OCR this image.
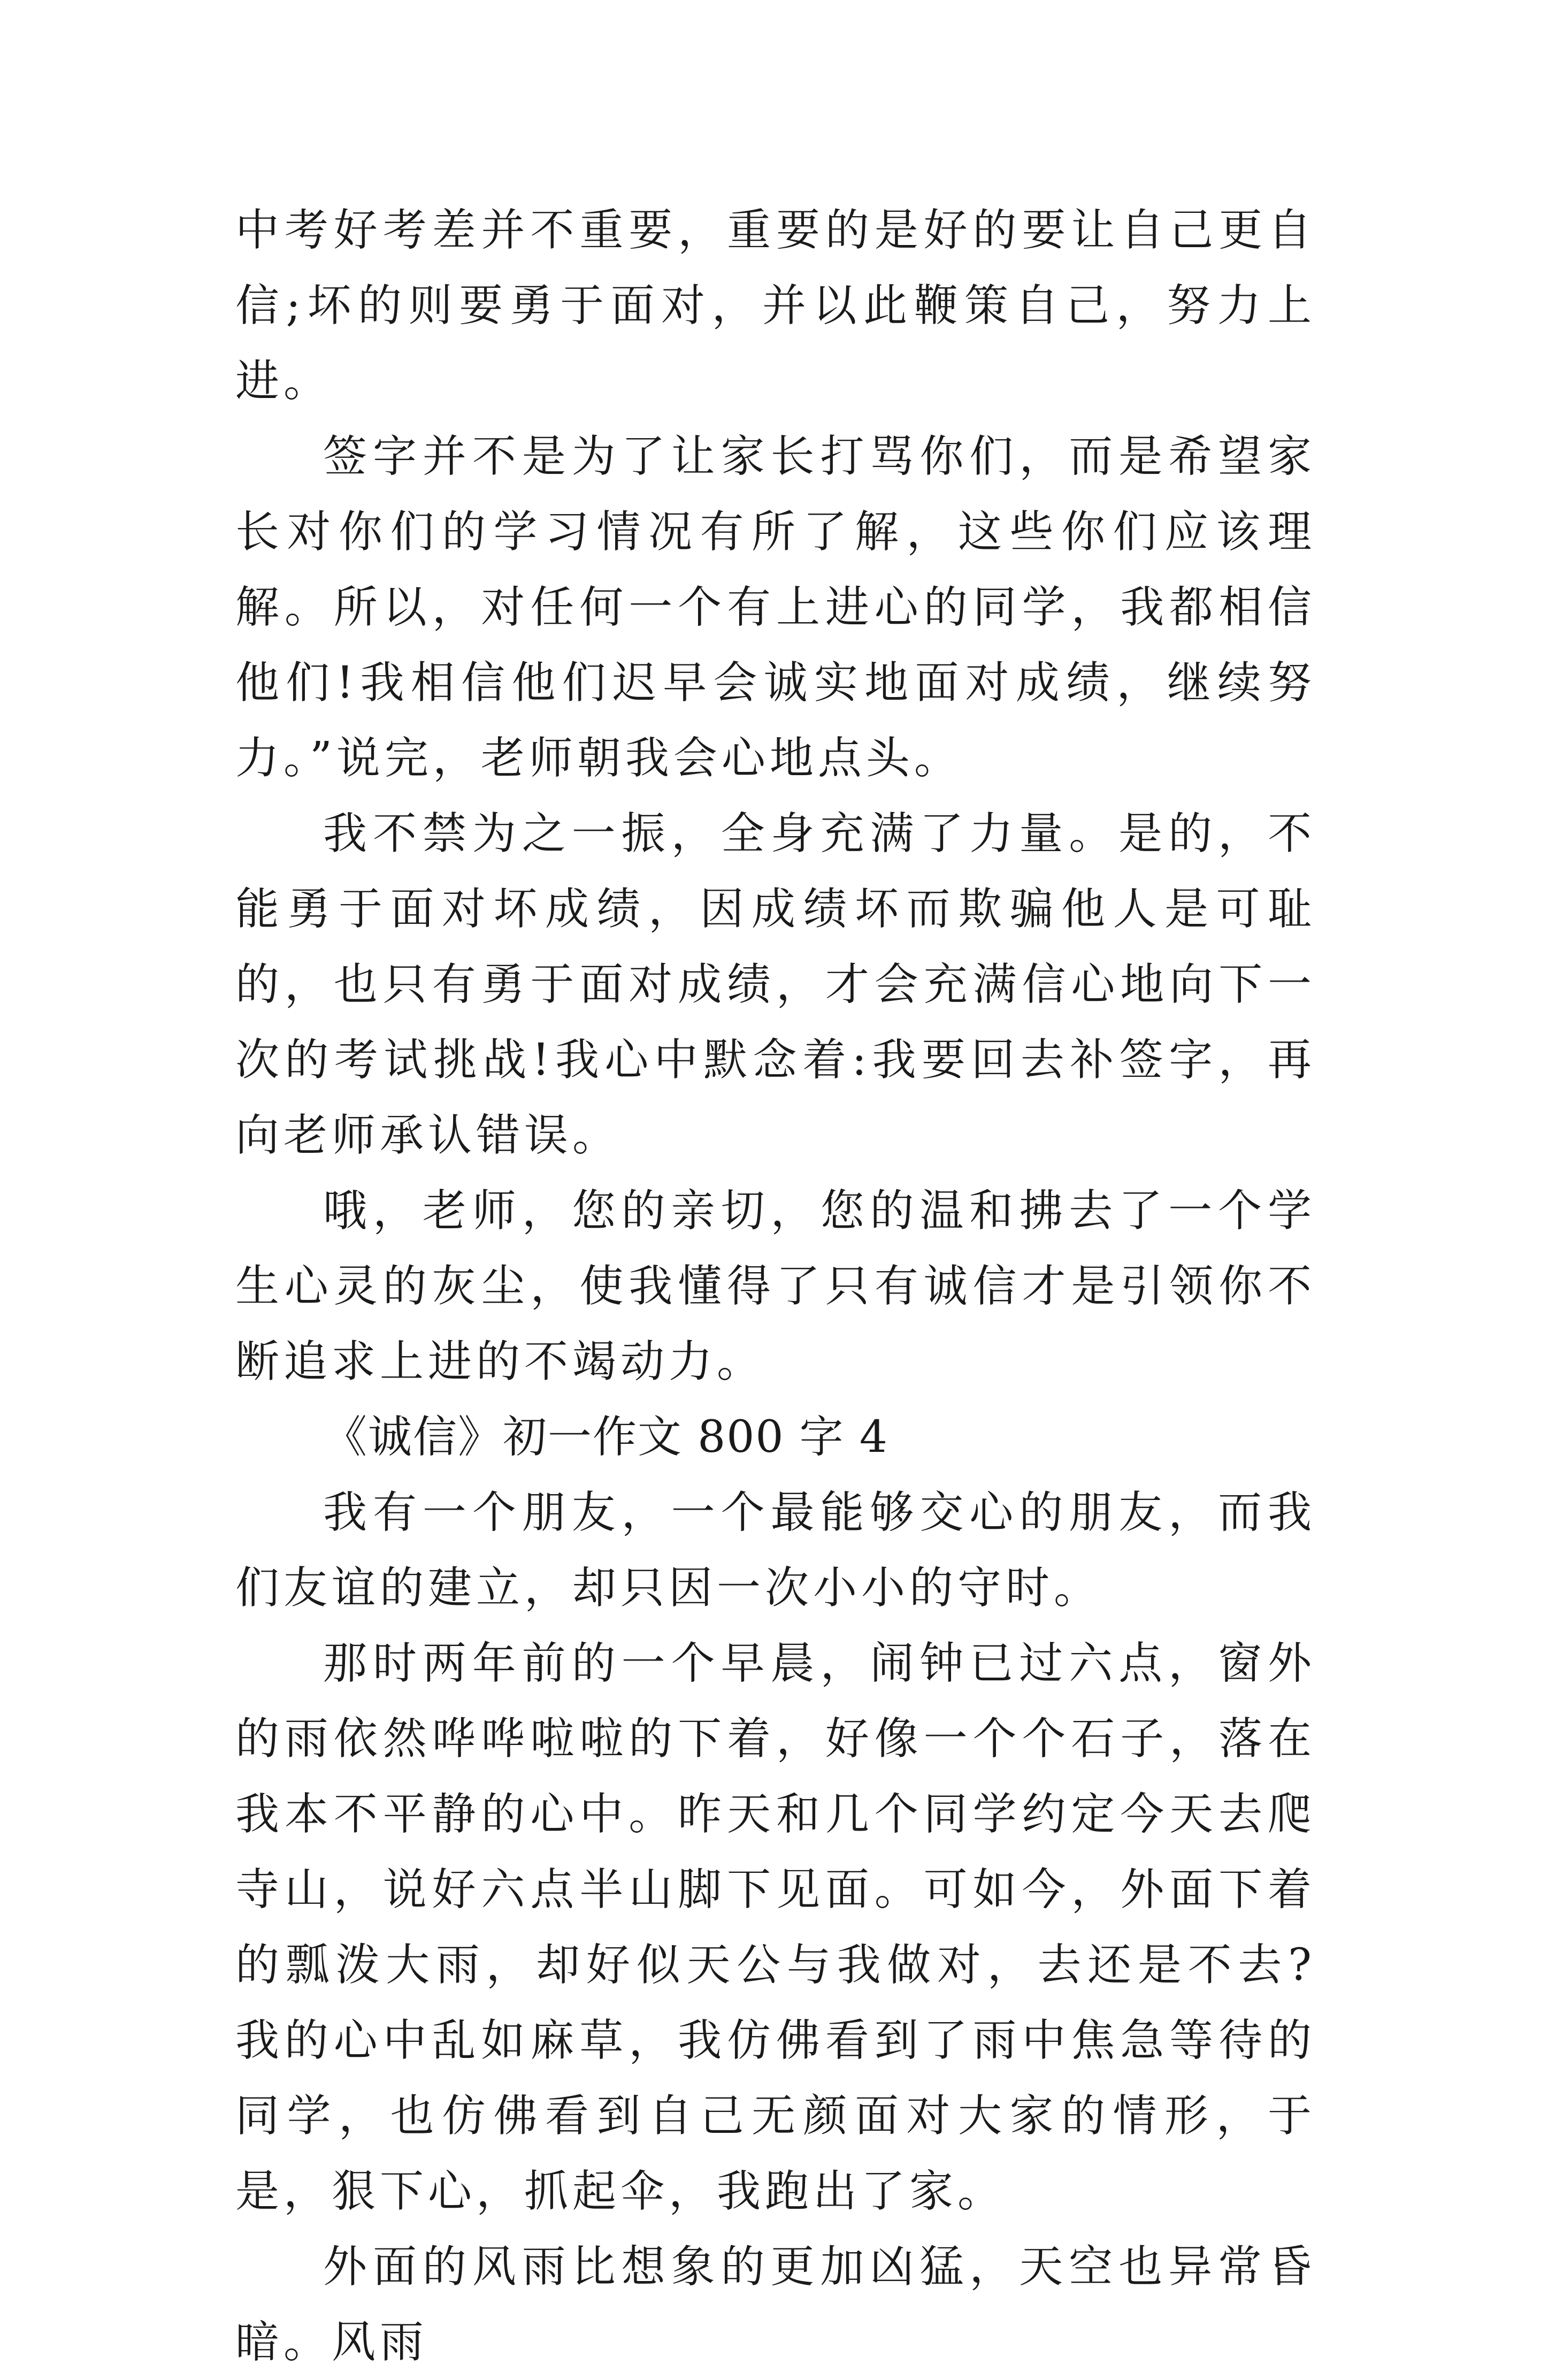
中考好考差并不重要，重要的是好的要让自己更自信;坏的则要勇于面对，并以此鞭策自己，努力上进。

签字并不是为了让家长打骂你们，而是希望家长对你们的学习情况有所了解，这些你们应该理解。所以，对任何一个有上进心的同学，我都相信他们!我相信他们迟早会诚实地面对成绩，继续努力。”说完，老师朝我会心地点头。

我不禁为之一振，全身充满了力量。是的，不能勇于面对坏成绩，因成绩坏而欺骗他人是可耻的，也只有勇于面对成绩，才会充满信心地向下一次的考试挑战!我心中默念着:我要回去补签字，再向老师承认错误。

哦，老师，您的亲切，您的温和拂去了一个学生心灵的灰尘，使我懂得了只有诚信才是引领你不断追求上进的不竭动力。

《诚信》初一作文 800 字 4

我有一个朋友，一个最能够交心的朋友，而我们友谊的建立，却只因一次小小的守时。

那时两年前的一个早晨，闹钟已过六点，窗外的雨依然哗哗啦啦的下着，好像一个个石子，落在我本不平静的心中。昨天和几个同学约定今天去爬寺山，说好六点半山脚下见面。可如今，外面下着的瓢泼大雨，却好似天公与我做对，去还是不去?我的心中乱如麻草，我仿佛看到了雨中焦急等待的同学，也仿佛看到自己无颜面对大家的情形，于是，狠下心，抓起伞，我跑出了家。

外面的风雨比想象的更加凶猛，天空也异常昏暗。风雨
